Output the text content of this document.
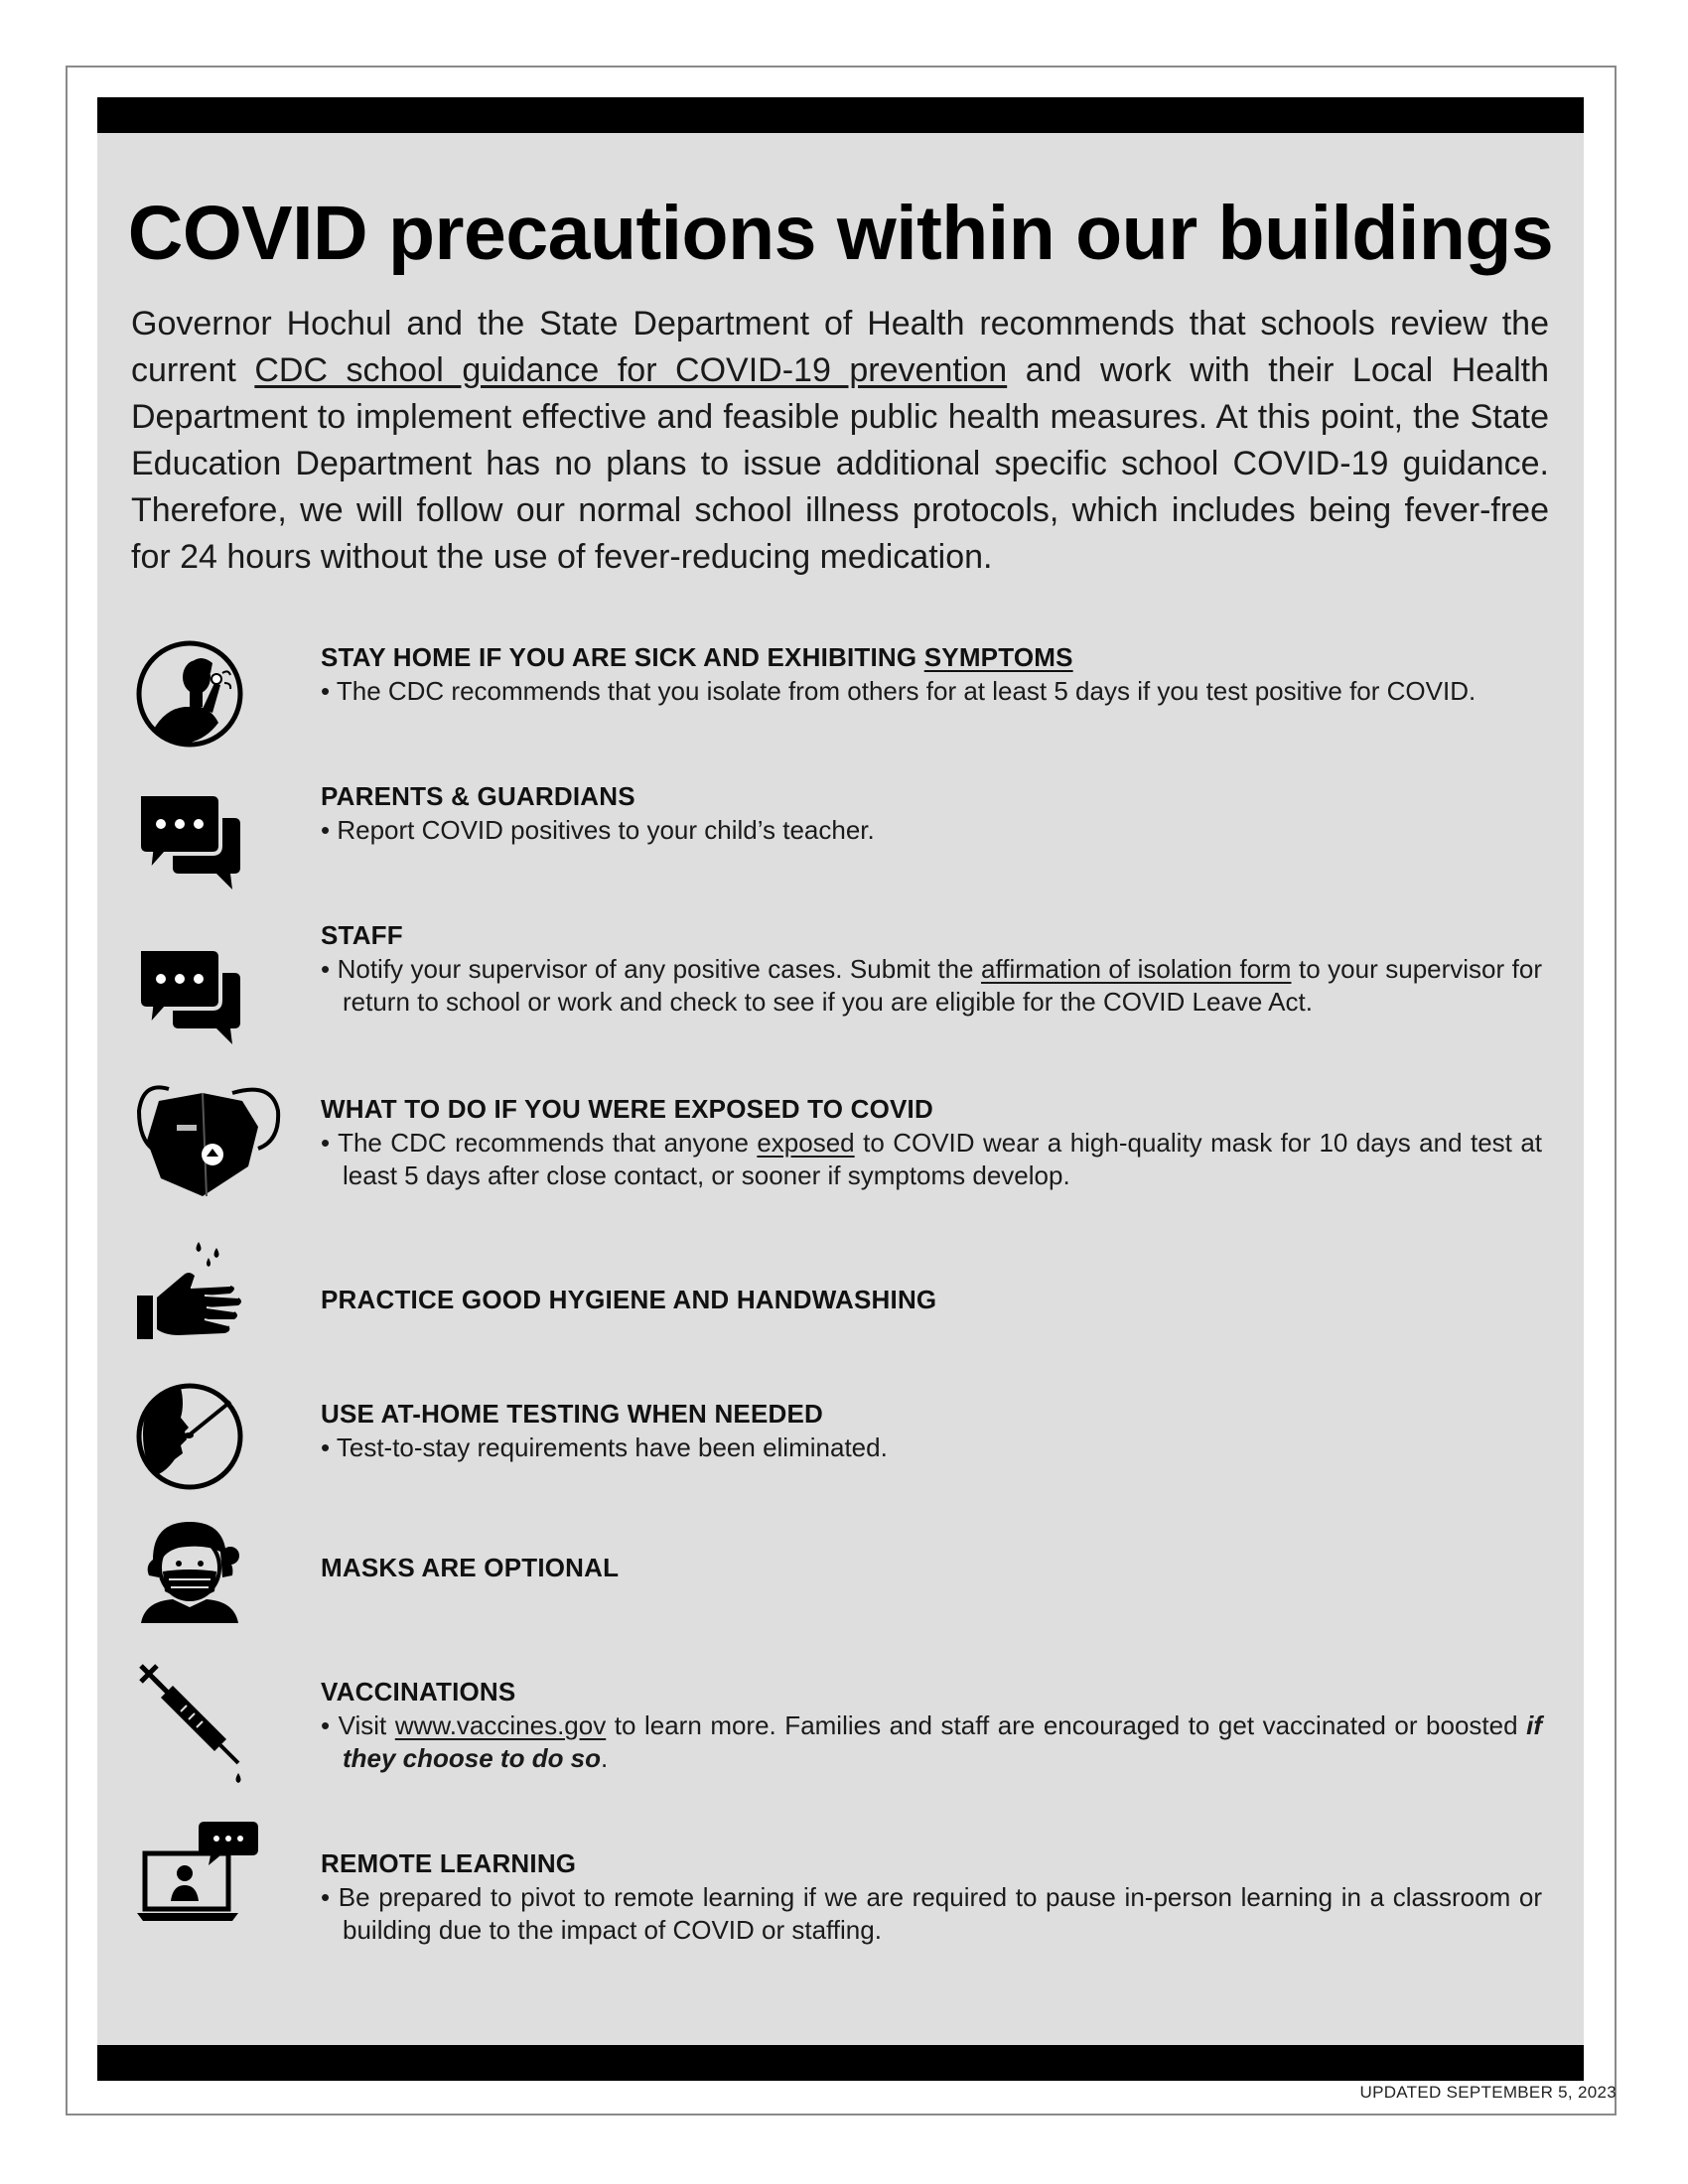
COVID precautions within our buildings

Governor Hochul and the State Department of Health recommends that schools review the current CDC school guidance for COVID-19 prevention and work with their Local Health Department to implement effective and feasible public health measures. At this point, the State Education Department has no plans to issue additional specific school COVID-19 guidance. Therefore, we will follow our normal school illness protocols, which includes being fever-free for 24 hours without the use of fever-reducing medication.

STAY HOME IF YOU ARE SICK AND EXHIBITING SYMPTOMS

• The CDC recommends that you isolate from others for at least 5 days if you test positive for COVID.

PARENTS & GUARDIANS

• Report COVID positives to your child’s teacher.

STAFF

• Notify your supervisor of any positive cases. Submit the affirmation of isolation form to your supervisor for return to school or work and check to see if you are eligible for the COVID Leave Act.

WHAT TO DO IF YOU WERE EXPOSED TO COVID

• The CDC recommends that anyone exposed to COVID wear a high-quality mask for 10 days and test at least 5 days after close contact, or sooner if symptoms develop.

PRACTICE GOOD HYGIENE AND HANDWASHING

USE AT-HOME TESTING WHEN NEEDED

• Test-to-stay requirements have been eliminated.

MASKS ARE OPTIONAL

VACCINATIONS

• Visit www.vaccines.gov to learn more. Families and staff are encouraged to get vaccinated or boosted if they choose to do so.

REMOTE LEARNING

• Be prepared to pivot to remote learning if we are required to pause in-person learning in a classroom or building due to the impact of COVID or staffing.

UPDATED SEPTEMBER 5, 2023
